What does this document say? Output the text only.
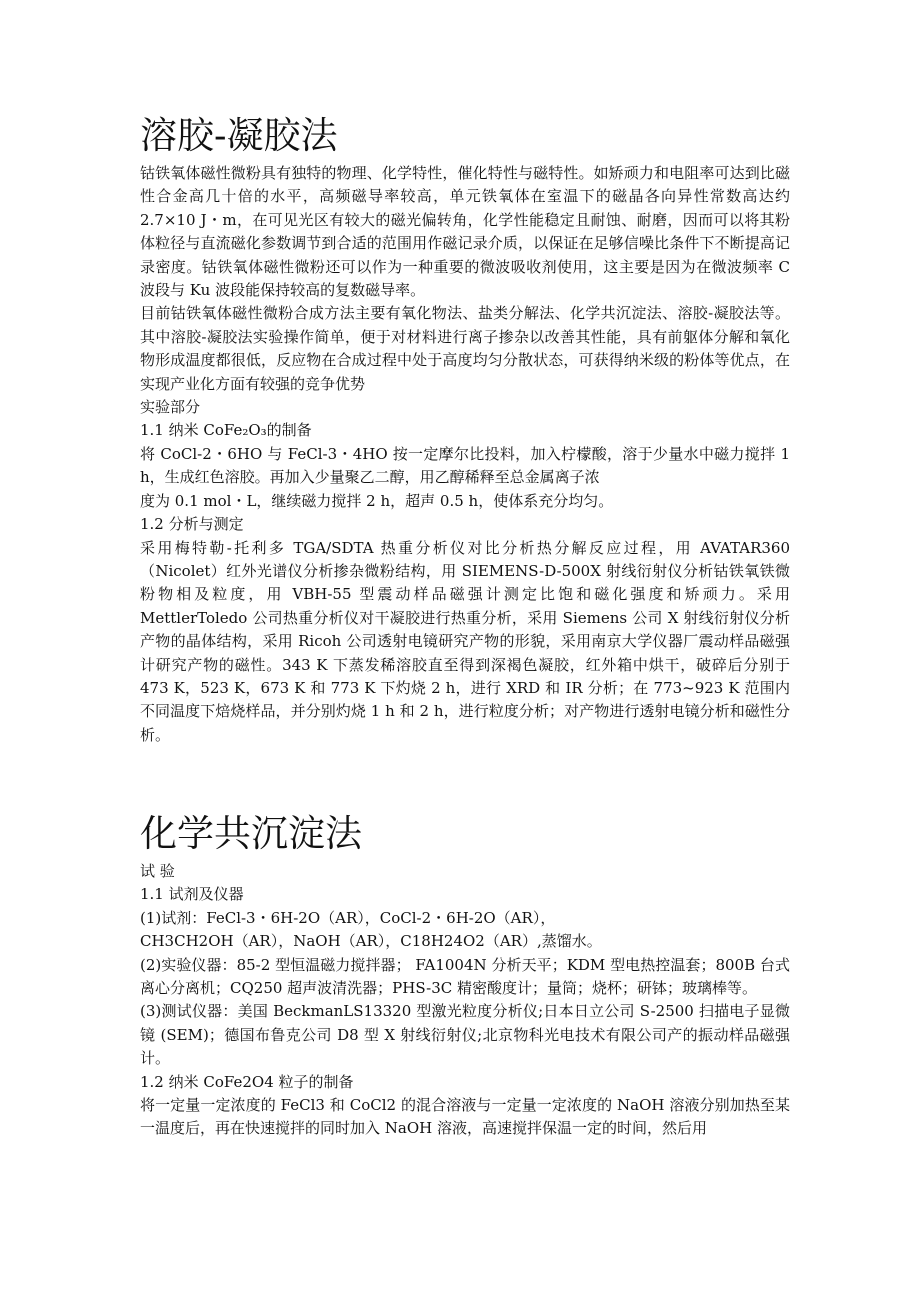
溶胶-凝胶法

钴铁氧体磁性微粉具有独特的物理、化学特性，催化特性与磁特性。如矫顽力和电阻率可达到比磁性合金高几十倍的水平，高频磁导率较高，单元铁氧体在室温下的磁晶各向异性常数高达约 2.7×10 J・m，在可见光区有较大的磁光偏转角，化学性能稳定且耐蚀、耐磨，因而可以将其粉体粒径与直流磁化参数调节到合适的范围用作磁记录介质，以保证在足够信噪比条件下不断提高记录密度。钴铁氧体磁性微粉还可以作为一种重要的微波吸收剂使用，这主要是因为在微波频率 C 波段与 Ku 波段能保持较高的复数磁导率。

目前钴铁氧体磁性微粉合成方法主要有氧化物法、盐类分解法、化学共沉淀法、溶胶-凝胶法等。其中溶胶-凝胶法实验操作简单，便于对材料进行离子掺杂以改善其性能，具有前躯体分解和氧化物形成温度都很低，反应物在合成过程中处于高度均匀分散状态，可获得纳米级的粉体等优点，在实现产业化方面有较强的竞争优势

实验部分

1.1 纳米 CoFe₂O₃的制备

将 CoCl-2・6HO 与 FeCl-3・4HO 按一定摩尔比投料，加入柠檬酸，溶于少量水中磁力搅拌 1 h，生成红色溶胶。再加入少量聚乙二醇，用乙醇稀释至总金属离子浓

度为 0.1 mol・L，继续磁力搅拌 2 h，超声 0.5 h，使体系充分均匀。

1.2 分析与测定

采用梅特勒-托利多 TGA/SDTA 热重分析仪对比分析热分解反应过程，用 AVATAR360（Nicolet）红外光谱仪分析掺杂微粉结构，用 SIEMENS-D-500X 射线衍射仪分析钴铁氧铁微粉物相及粒度，用 VBH-55 型震动样品磁强计测定比饱和磁化强度和矫顽力。采用 MettlerToledo 公司热重分析仪对干凝胶进行热重分析，采用 Siemens 公司 X 射线衍射仪分析产物的晶体结构，采用 Ricoh 公司透射电镜研究产物的形貌，采用南京大学仪器厂震动样品磁强计研究产物的磁性。343 K 下蒸发稀溶胶直至得到深褐色凝胶，红外箱中烘干，破碎后分别于 473 K，523 K，673 K 和 773 K 下灼烧 2 h，进行 XRD 和 IR 分析；在 773~923 K 范围内不同温度下焙烧样品，并分别灼烧 1 h 和 2 h，进行粒度分析；对产物进行透射电镜分析和磁性分析。

化学共沉淀法

试 验

1.1 试剂及仪器

(1)试剂：FeCl-3・6H-2O（AR），CoCl-2・6H-2O（AR），

CH3CH2OH（AR），NaOH（AR），C18H24O2（AR）,蒸馏水。

(2)实验仪器：85-2 型恒温磁力搅拌器； FA1004N 分析天平；KDM 型电热控温套；800B 台式离心分离机；CQ250 超声波清洗器；PHS-3C 精密酸度计；量筒；烧杯；研钵；玻璃棒等。

(3)测试仪器：美国 BeckmanLS13320 型激光粒度分析仪;日本日立公司 S-2500 扫描电子显微镜 (SEM)；德国布鲁克公司 D8 型 X 射线衍射仪;北京物科光电技术有限公司产的振动样品磁强计。

1.2 纳米 CoFe2O4 粒子的制备

将一定量一定浓度的 FeCl3 和 CoCl2 的混合溶液与一定量一定浓度的 NaOH 溶液分别加热至某一温度后，再在快速搅拌的同时加入 NaOH 溶液，高速搅拌保温一定的时间，然后用
